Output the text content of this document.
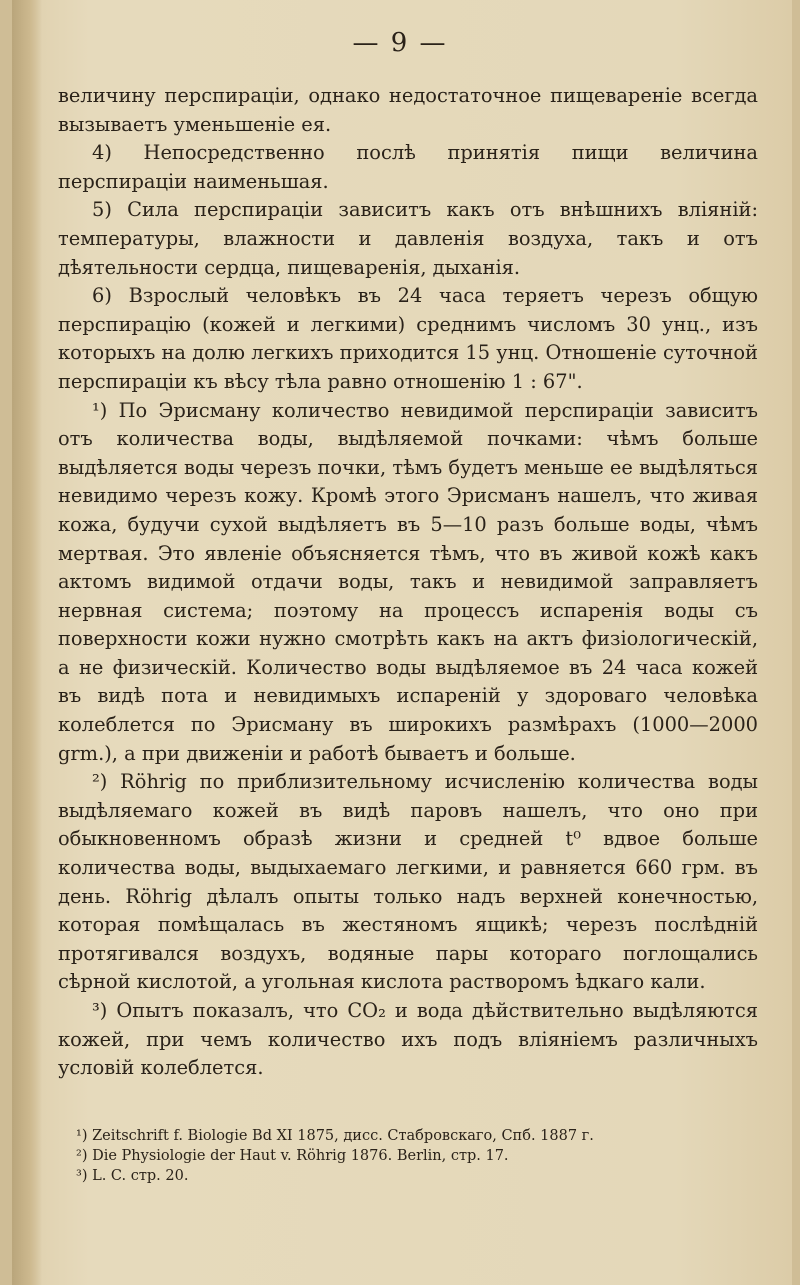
— 9 —

величину перспираціи, однако недостаточное пищевареніе всегда вызываетъ уменьшеніе ея.

4) Непосредственно послѣ принятія пищи величина перспираціи наименьшая.

5) Сила перспираціи зависитъ какъ отъ внѣшнихъ вліяній: температуры, влажности и давленія воздуха, такъ и отъ дѣятельности сердца, пищеваренія, дыханія.

6) Взрослый человѣкъ въ 24 часа теряетъ черезъ общую перспирацію (кожей и легкими) среднимъ числомъ 30 унц., изъ которыхъ на долю легкихъ приходится 15 унц. Отношеніе суточной перспираціи къ вѣсу тѣла равно отношенію 1 : 67".

¹) По Эрисману количество невидимой перспираціи зависитъ отъ количества воды, выдѣляемой почками: чѣмъ больше выдѣляется воды черезъ почки, тѣмъ будетъ меньше ее выдѣляться невидимо черезъ кожу. Кромѣ этого Эрисманъ нашелъ, что живая кожа, будучи сухой выдѣляетъ въ 5—10 разъ больше воды, чѣмъ мертвая. Это явленіе объясняется тѣмъ, что въ живой кожѣ какъ актомъ видимой отдачи воды, такъ и невидимой заправляетъ нервная система; поэтому на процессъ испаренія воды съ поверхности кожи нужно смотрѣть какъ на актъ физіологическій, а не физическій. Количество воды выдѣляемое въ 24 часа кожей въ видѣ пота и невидимыхъ испареній у здороваго человѣка колеблется по Эрисману въ широкихъ размѣрахъ (1000—2000 grm.), а при движеніи и работѣ бываетъ и больше.

²) Röhrig по приблизительному исчисленію количества воды выдѣляемаго кожей въ видѣ паровъ нашелъ, что оно при обыкновенномъ образѣ жизни и средней t⁰ вдвое больше количества воды, выдыхаемаго легкими, и равняется 660 грм. въ день. Röhrig дѣлалъ опыты только надъ верхней конечностью, которая помѣщалась въ жестяномъ ящикѣ; черезъ послѣдній протягивался воздухъ, водяные пары котораго поглощались сѣрной кислотой, а угольная кислота растворомъ ѣдкаго кали.

³) Опытъ показалъ, что CO₂ и вода дѣйствительно выдѣляются кожей, при чемъ количество ихъ подъ вліяніемъ различныхъ условій колеблется.

¹) Zeitschrift f. Biologie Bd XI 1875, дисс. Стабровскаго, Спб. 1887 г.

²) Die Physiologie der Haut v. Röhrig 1876. Berlin, стр. 17.

³) L. C. стр. 20.
